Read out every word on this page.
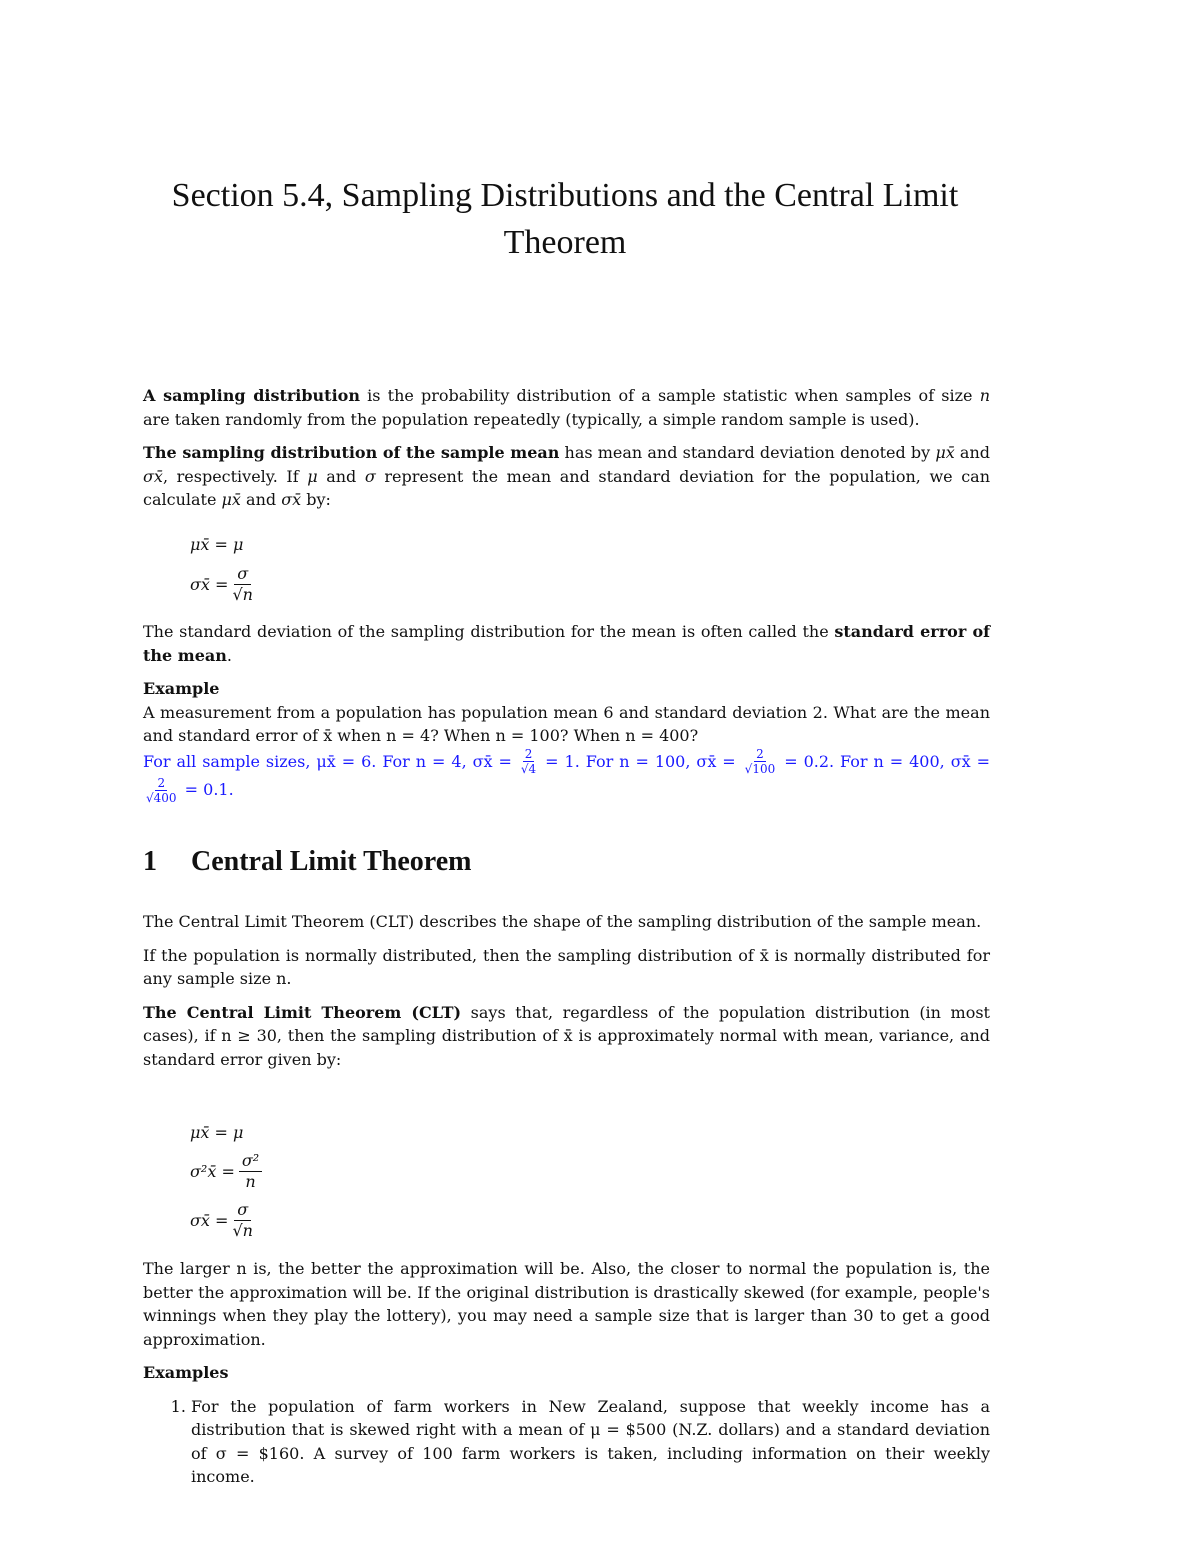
Section 5.4, Sampling Distributions and the Central Limit Theorem

A sampling distribution is the probability distribution of a sample statistic when samples of size n are taken randomly from the population repeatedly (typically, a simple random sample is used).

The sampling distribution of the sample mean has mean and standard deviation denoted by μx̄ and σx̄, respectively. If μ and σ represent the mean and standard deviation for the population, we can calculate μx̄ and σx̄ by:

μx̄ = μ
σx̄ = $\frac{\sigma}{√n}$

The standard deviation of the sampling distribution for the mean is often called the standard error of the mean.

Example

A measurement from a population has population mean 6 and standard deviation 2. What are the mean and standard error of x̄ when n = 4? When n = 100? When n = 400?

For all sample sizes, μx̄ = 6. For n = 4, σx̄ = $\frac{2}{√4} = 1$. For n = 100, σx̄ = $\frac{2}{√100} = 0.2$. For n = 400, σx̄ =
$\frac{2}{√400} = 0.1$.

1 Central Limit Theorem

The Central Limit Theorem (CLT) describes the shape of the sampling distribution of the sample mean.

If the population is normally distributed, then the sampling distribution of x̄ is normally distributed for any sample size n.

The Central Limit Theorem (CLT) says that, regardless of the population distribution (in most cases), if n ≥ 30, then the sampling distribution of x̄ is approximately normal with mean, variance, and standard error given by:

μx̄ = μ
σ²x̄ = $\frac{\text{σ²}}{n}$
σx̄ = $\frac{\sigma}{√n}$

The larger n is, the better the approximation will be. Also, the closer to normal the population is, the better the approximation will be. If the original distribution is drastically skewed (for example, people's winnings when they play the lottery), you may need a sample size that is larger than 30 to get a good approximation.

Examples

1. For the population of farm workers in New Zealand, suppose that weekly income has a distribution that is skewed right with a mean of μ = $500 (N.Z. dollars) and a standard deviation of σ = $160. A survey of 100 farm workers is taken, including information on their weekly income.
